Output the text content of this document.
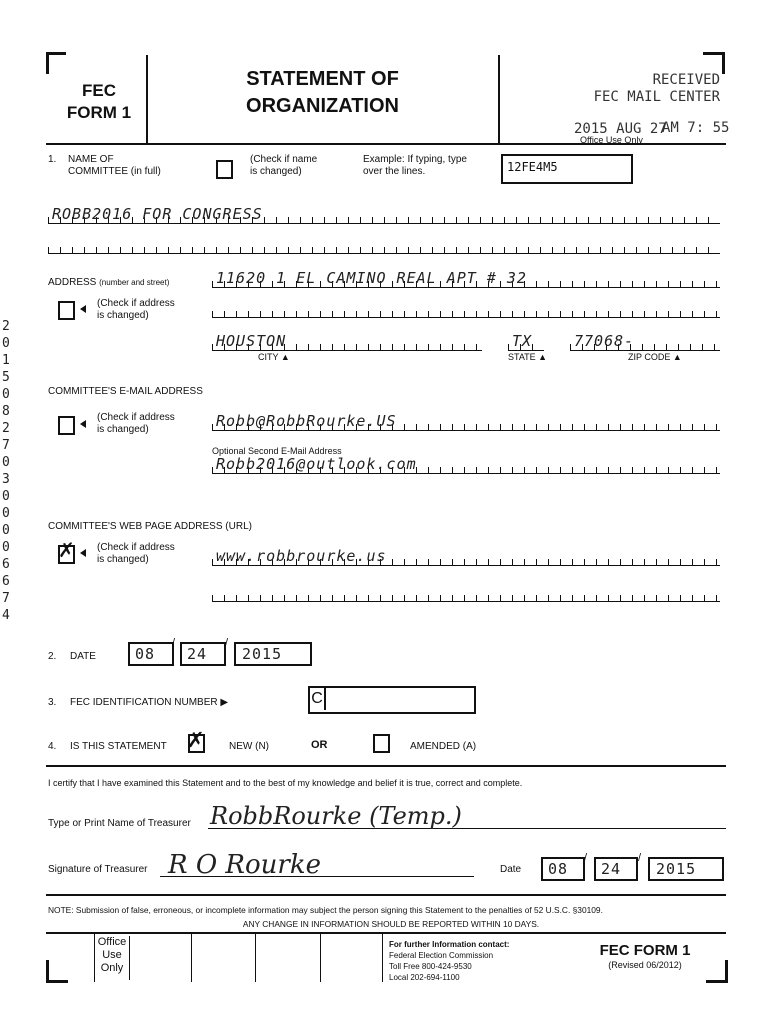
FEC
FORM 1
STATEMENT OF
ORGANIZATION
RECEIVED
FEC MAIL CENTER
2015 AUG 27
AM 7: 55
Office Use Only
1. NAME OF
COMMITTEE (in full)
(Check if name
is changed)
Example: If typing, type
over the lines.	12FE4M5
ROBB2016 FOR CONGRESS
ADDRESS (number and street)
(Check if address
is changed)
11620 1 EL CAMINO REAL APT # 32
HOUSTON	TX	77068-
CITY ▲	STATE ▲	ZIP CODE ▲
COMMITTEE'S E-MAIL ADDRESS
(Check if address
is changed)	Robb@RobbRourke.US
Optional Second E-Mail Address
Robb2016@outlook.com
COMMITTEE'S WEB PAGE ADDRESS (URL)
✗ (Check if address
is changed)	www.robbrourke.us
2 0 1 5 0 8 2 7 0 3 0 0 0 0 6 6 7 4
2. DATE	08 24 2015
/	/
3. FEC IDENTIFICATION NUMBER ▶	C
4. IS THIS STATEMENT ✗ NEW (N)	OR	AMENDED (A)
I certify that I have examined this Statement and to the best of my knowledge and belief it is true, correct and complete.
Type or Print Name of Treasurer RobbRourke (Temp.)
Signature of Treasurer R O Rourke	Date 08 24 2015
/	/
NOTE: Submission of false, erroneous, or incomplete information may subject the person signing this Statement to the penalties of 52 U.S.C. §30109.
ANY CHANGE IN INFORMATION SHOULD BE REPORTED WITHIN 10 DAYS.
Office
Use
Only
For further Information contact:
Federal Election Commission
Toll Free 800-424-9530
Local 202-694-1100
FEC FORM 1
(Revised 06/2012)
